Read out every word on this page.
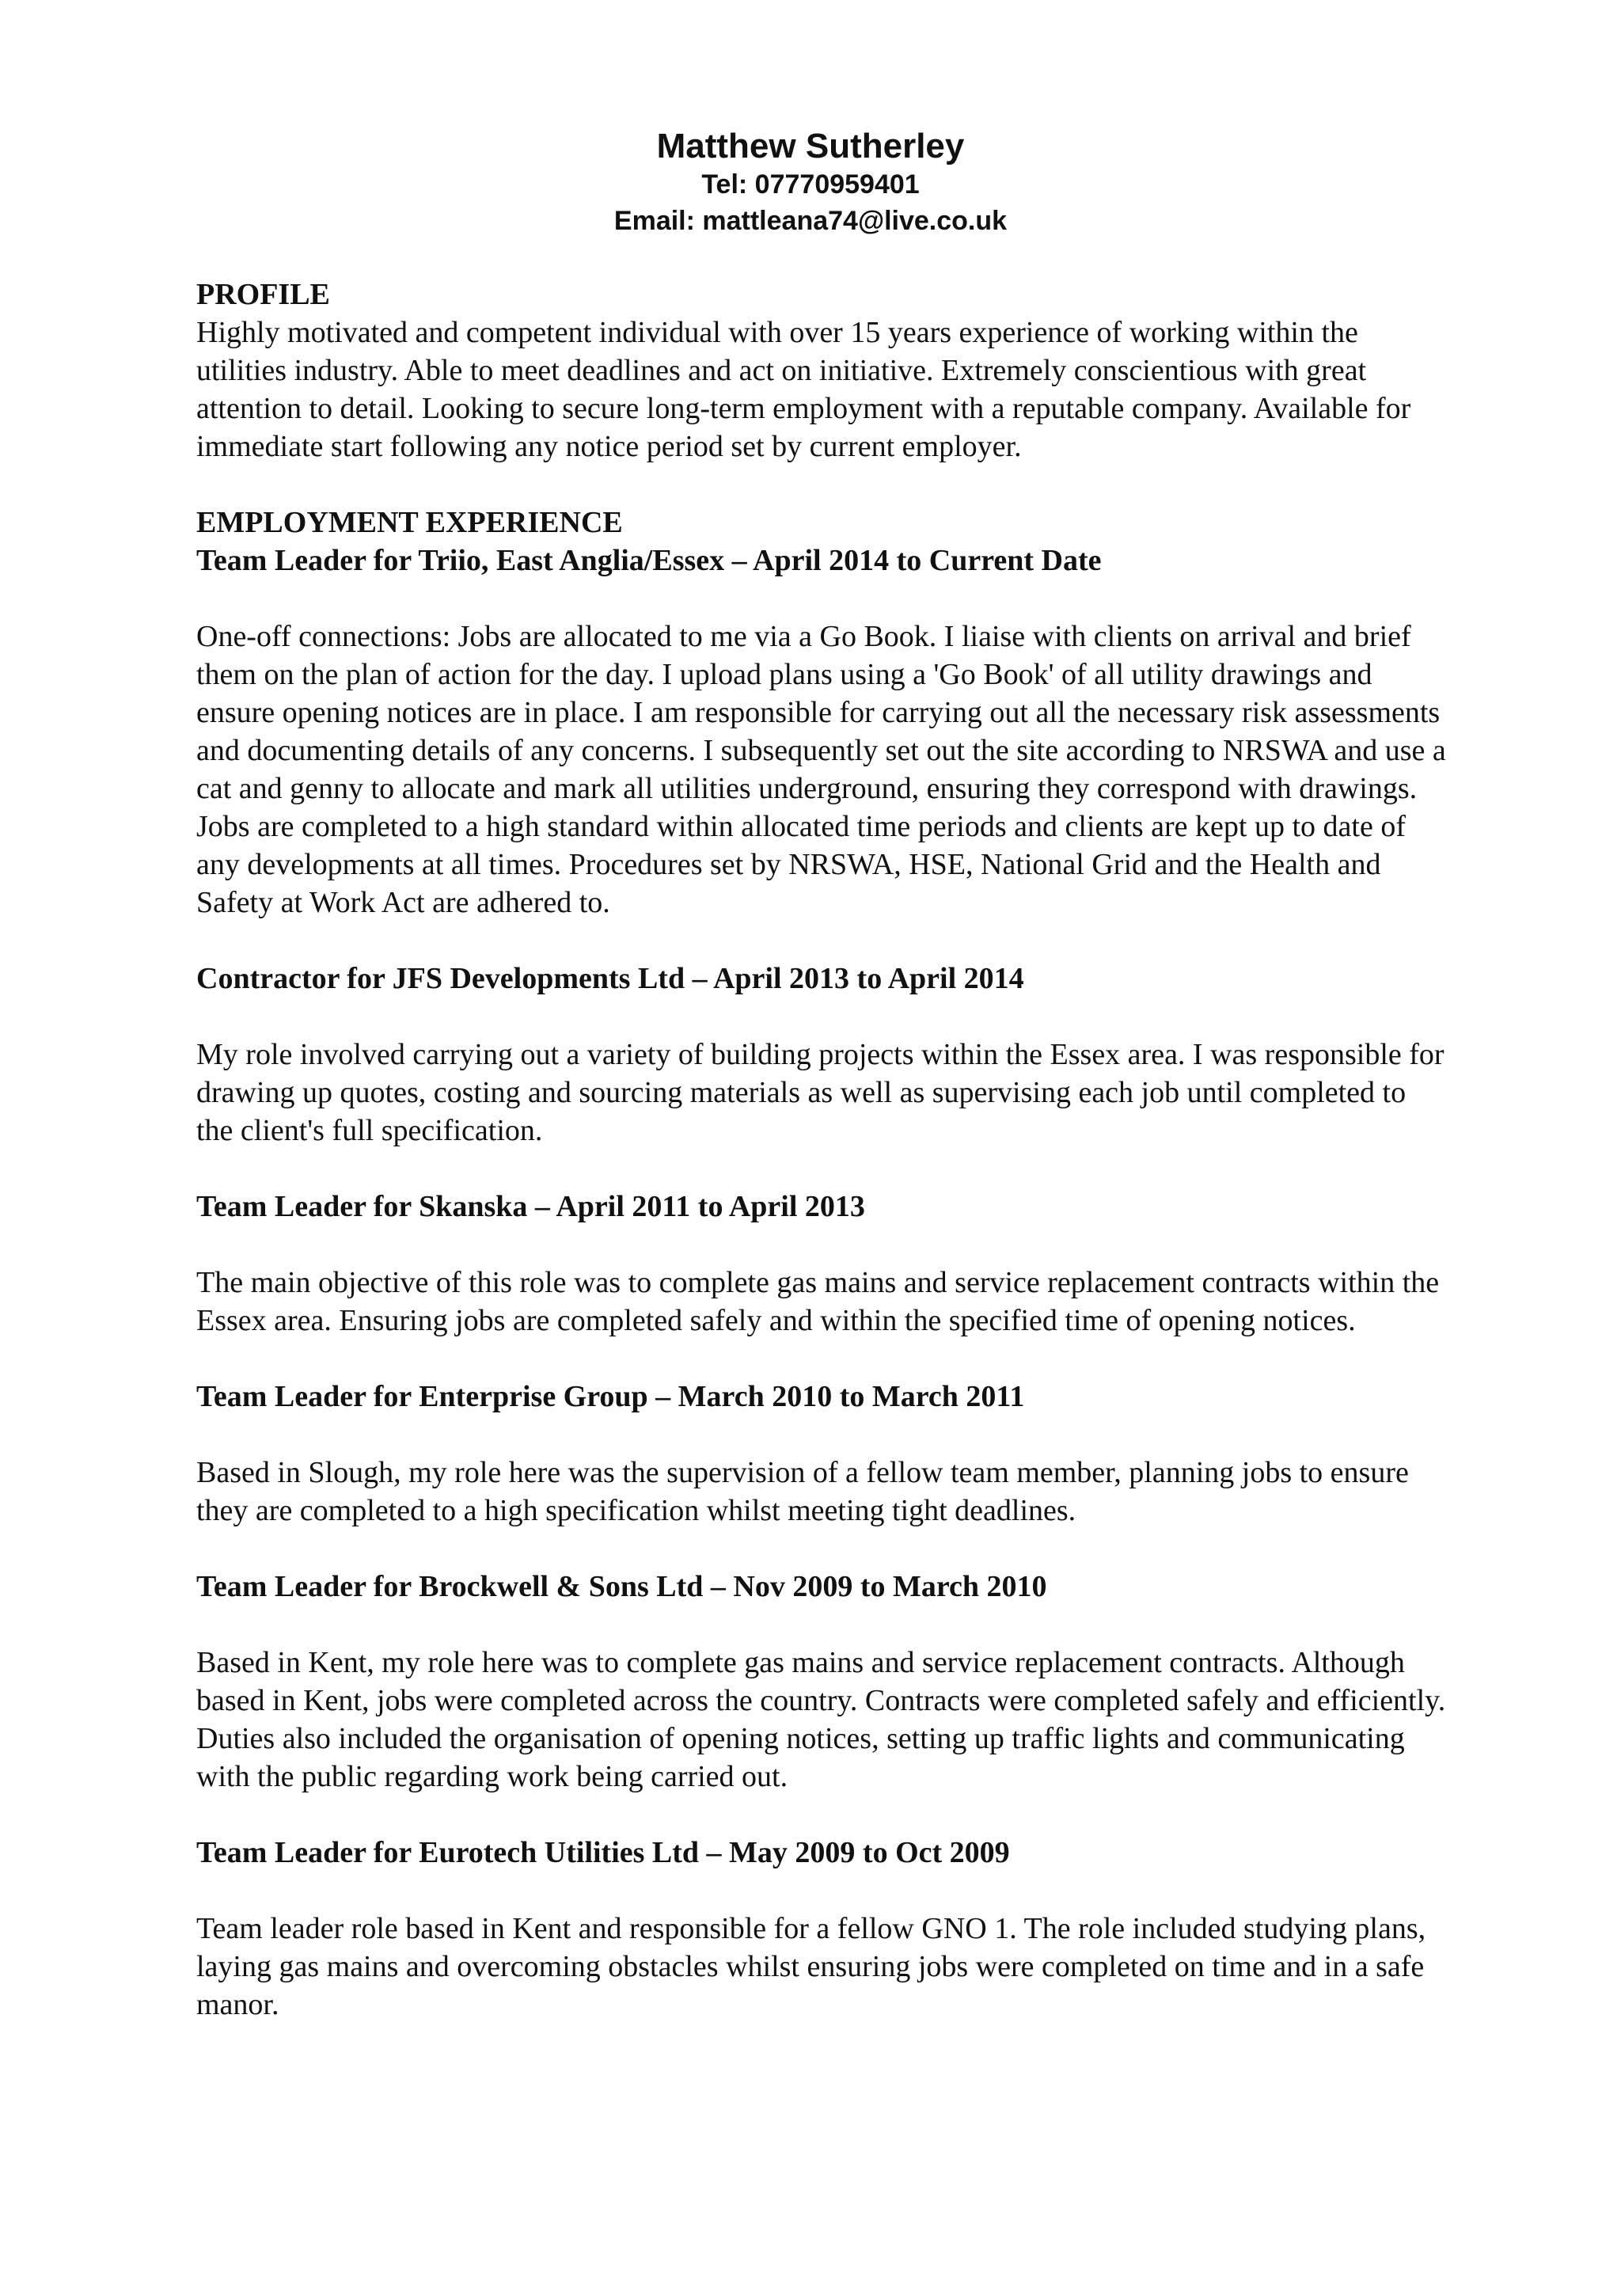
Matthew Sutherley
Tel: 07770959401
Email: mattleana74@live.co.uk
PROFILE
Highly motivated and competent individual with over 15 years experience of working within the utilities industry. Able to meet deadlines and act on initiative. Extremely conscientious with great attention to detail. Looking to secure long-term employment with a reputable company. Available for immediate start following any notice period set by current employer.
EMPLOYMENT EXPERIENCE
Team Leader for Triio, East Anglia/Essex – April 2014 to Current Date
One-off connections: Jobs are allocated to me via a Go Book. I liaise with clients on arrival and brief them on the plan of action for the day. I upload plans using a 'Go Book' of all utility drawings and ensure opening notices are in place. I am responsible for carrying out all the necessary risk assessments and documenting details of any concerns. I subsequently set out the site according to NRSWA and use a cat and genny to allocate and mark all utilities underground, ensuring they correspond with drawings. Jobs are completed to a high standard within allocated time periods and clients are kept up to date of any developments at all times. Procedures set by NRSWA, HSE, National Grid and the Health and Safety at Work Act are adhered to.
Contractor for JFS Developments Ltd – April 2013 to April 2014
My role involved carrying out a variety of building projects within the Essex area. I was responsible for drawing up quotes, costing and sourcing materials as well as supervising each job until completed to the client's full specification.
Team Leader for Skanska – April 2011 to April 2013
The main objective of this role was to complete gas mains and service replacement contracts within the Essex area. Ensuring jobs are completed safely and within the specified time of opening notices.
Team Leader for Enterprise Group – March 2010 to March 2011
Based in Slough, my role here was the supervision of a fellow team member, planning jobs to ensure they are completed to a high specification whilst meeting tight deadlines.
Team Leader for Brockwell & Sons Ltd – Nov 2009 to March 2010
Based in Kent, my role here was to complete gas mains and service replacement contracts. Although based in Kent, jobs were completed across the country. Contracts were completed safely and efficiently. Duties also included the organisation of opening notices, setting up traffic lights and communicating with the public regarding work being carried out.
Team Leader for Eurotech Utilities Ltd – May 2009 to Oct 2009
Team leader role based in Kent and responsible for a fellow GNO 1. The role included studying plans, laying gas mains and overcoming obstacles whilst ensuring jobs were completed on time and in a safe manor.
